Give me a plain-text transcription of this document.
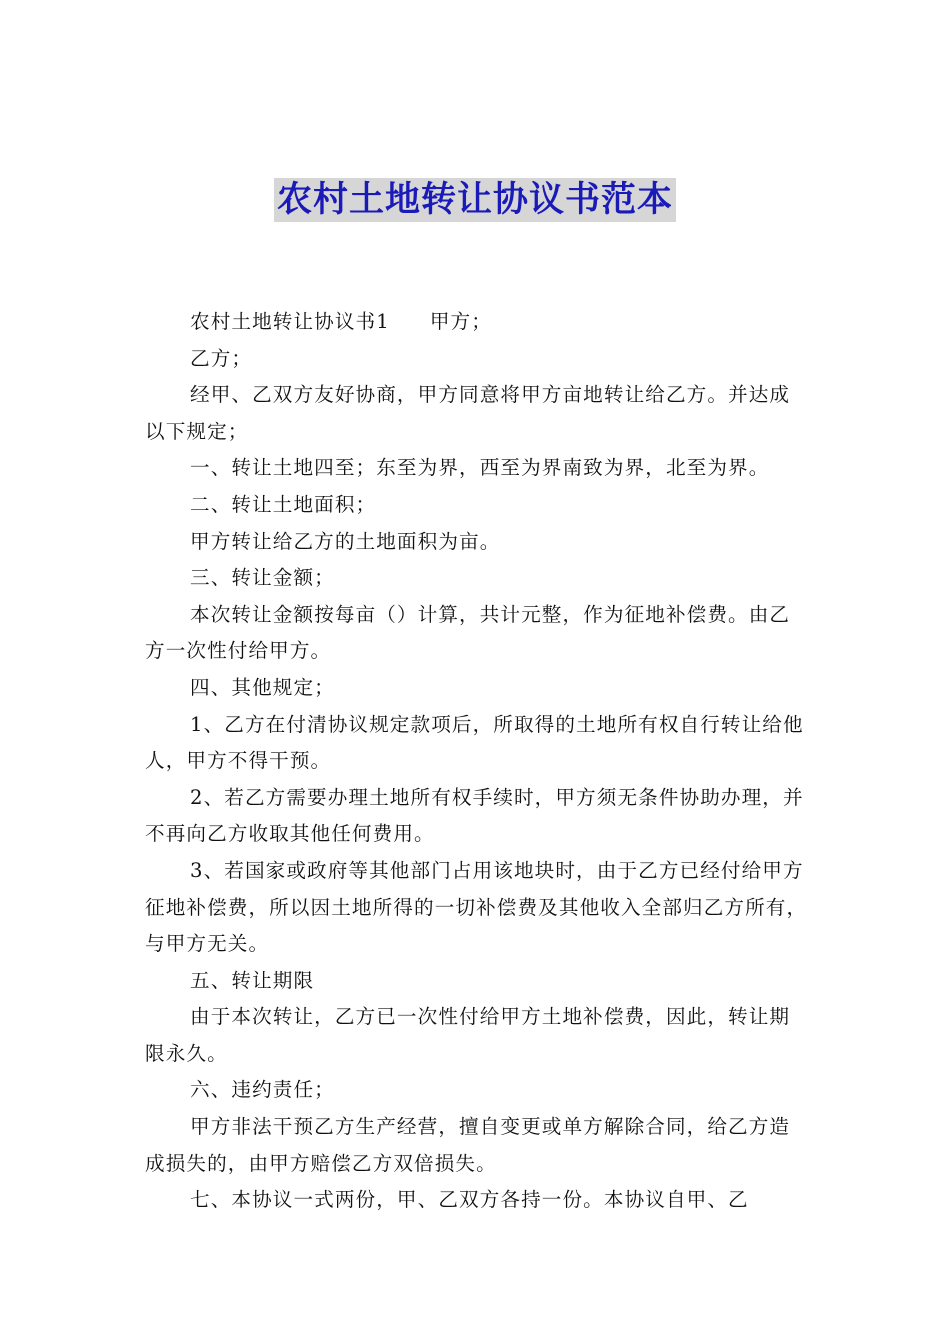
农村土地转让协议书范本

农村土地转让协议书1 甲方；

乙方；

经甲、乙双方友好协商，甲方同意将甲方亩地转让给乙方。并达成以下规定；

一、转让土地四至；东至为界，西至为界南致为界，北至为界。

二、转让土地面积；

甲方转让给乙方的土地面积为亩。

三、转让金额；

本次转让金额按每亩（）计算，共计元整，作为征地补偿费。由乙方一次性付给甲方。

四、其他规定；

1、乙方在付清协议规定款项后，所取得的土地所有权自行转让给他人，甲方不得干预。

2、若乙方需要办理土地所有权手续时，甲方须无条件协助办理，并不再向乙方收取其他任何费用。

3、若国家或政府等其他部门占用该地块时，由于乙方已经付给甲方征地补偿费，所以因土地所得的一切补偿费及其他收入全部归乙方所有，与甲方无关。

五、转让期限

由于本次转让，乙方已一次性付给甲方土地补偿费，因此，转让期限永久。

六、违约责任；

甲方非法干预乙方生产经营，擅自变更或单方解除合同，给乙方造成损失的，由甲方赔偿乙方双倍损失。

七、本协议一式两份，甲、乙双方各持一份。本协议自甲、乙
